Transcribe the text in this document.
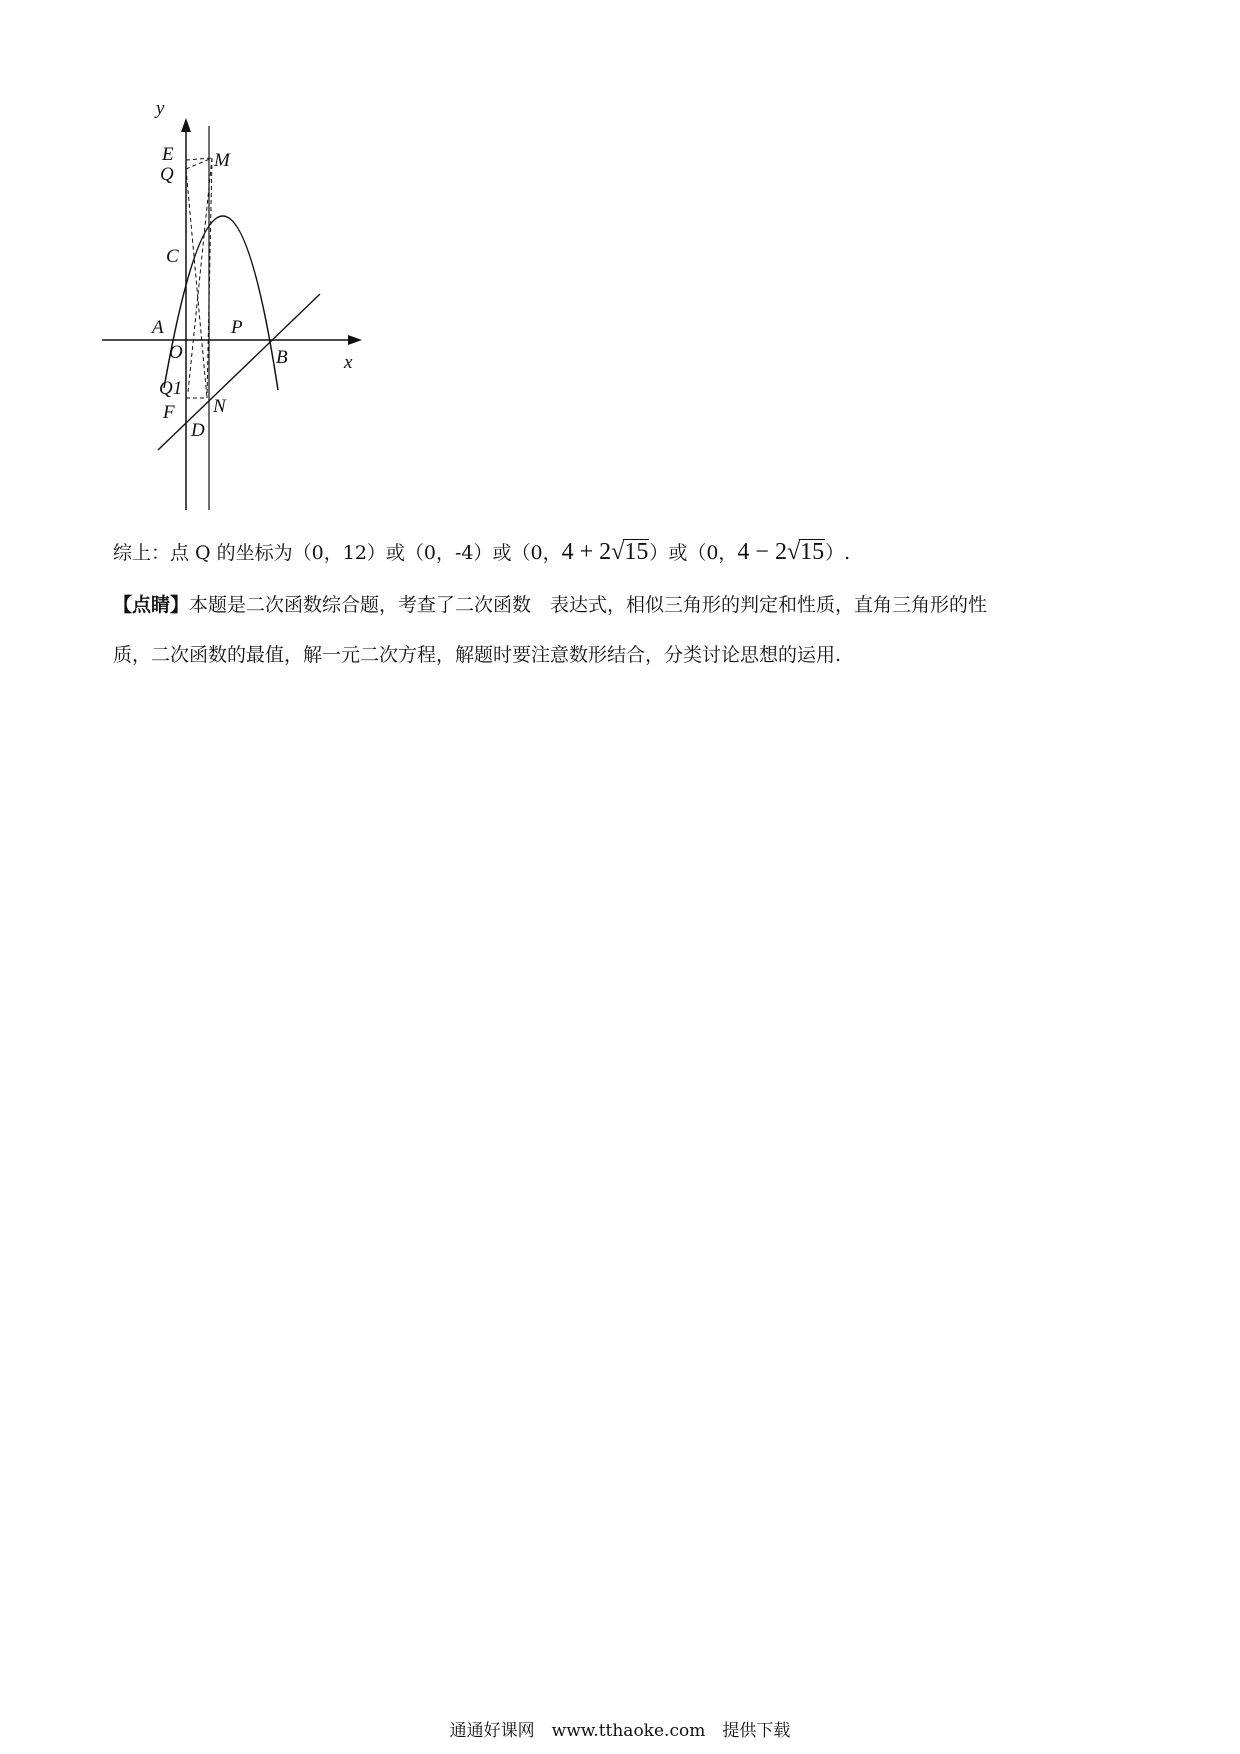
y
x
E
Q
M
C
A	P
O	B
Q1
F N
D
综上：点 Q 的坐标为（0，12）或（0，-4）或（0，4 + 2√15）或（0，4 − 2√15）.
【点睛】本题是二次函数综合题，考查了二次函数　表达式，相似三角形的判定和性质，直角三角形的性
质，二次函数的最值，解一元二次方程，解题时要注意数形结合，分类讨论思想的运用.
通通好课网　www.tthaoke.com　提供下载
